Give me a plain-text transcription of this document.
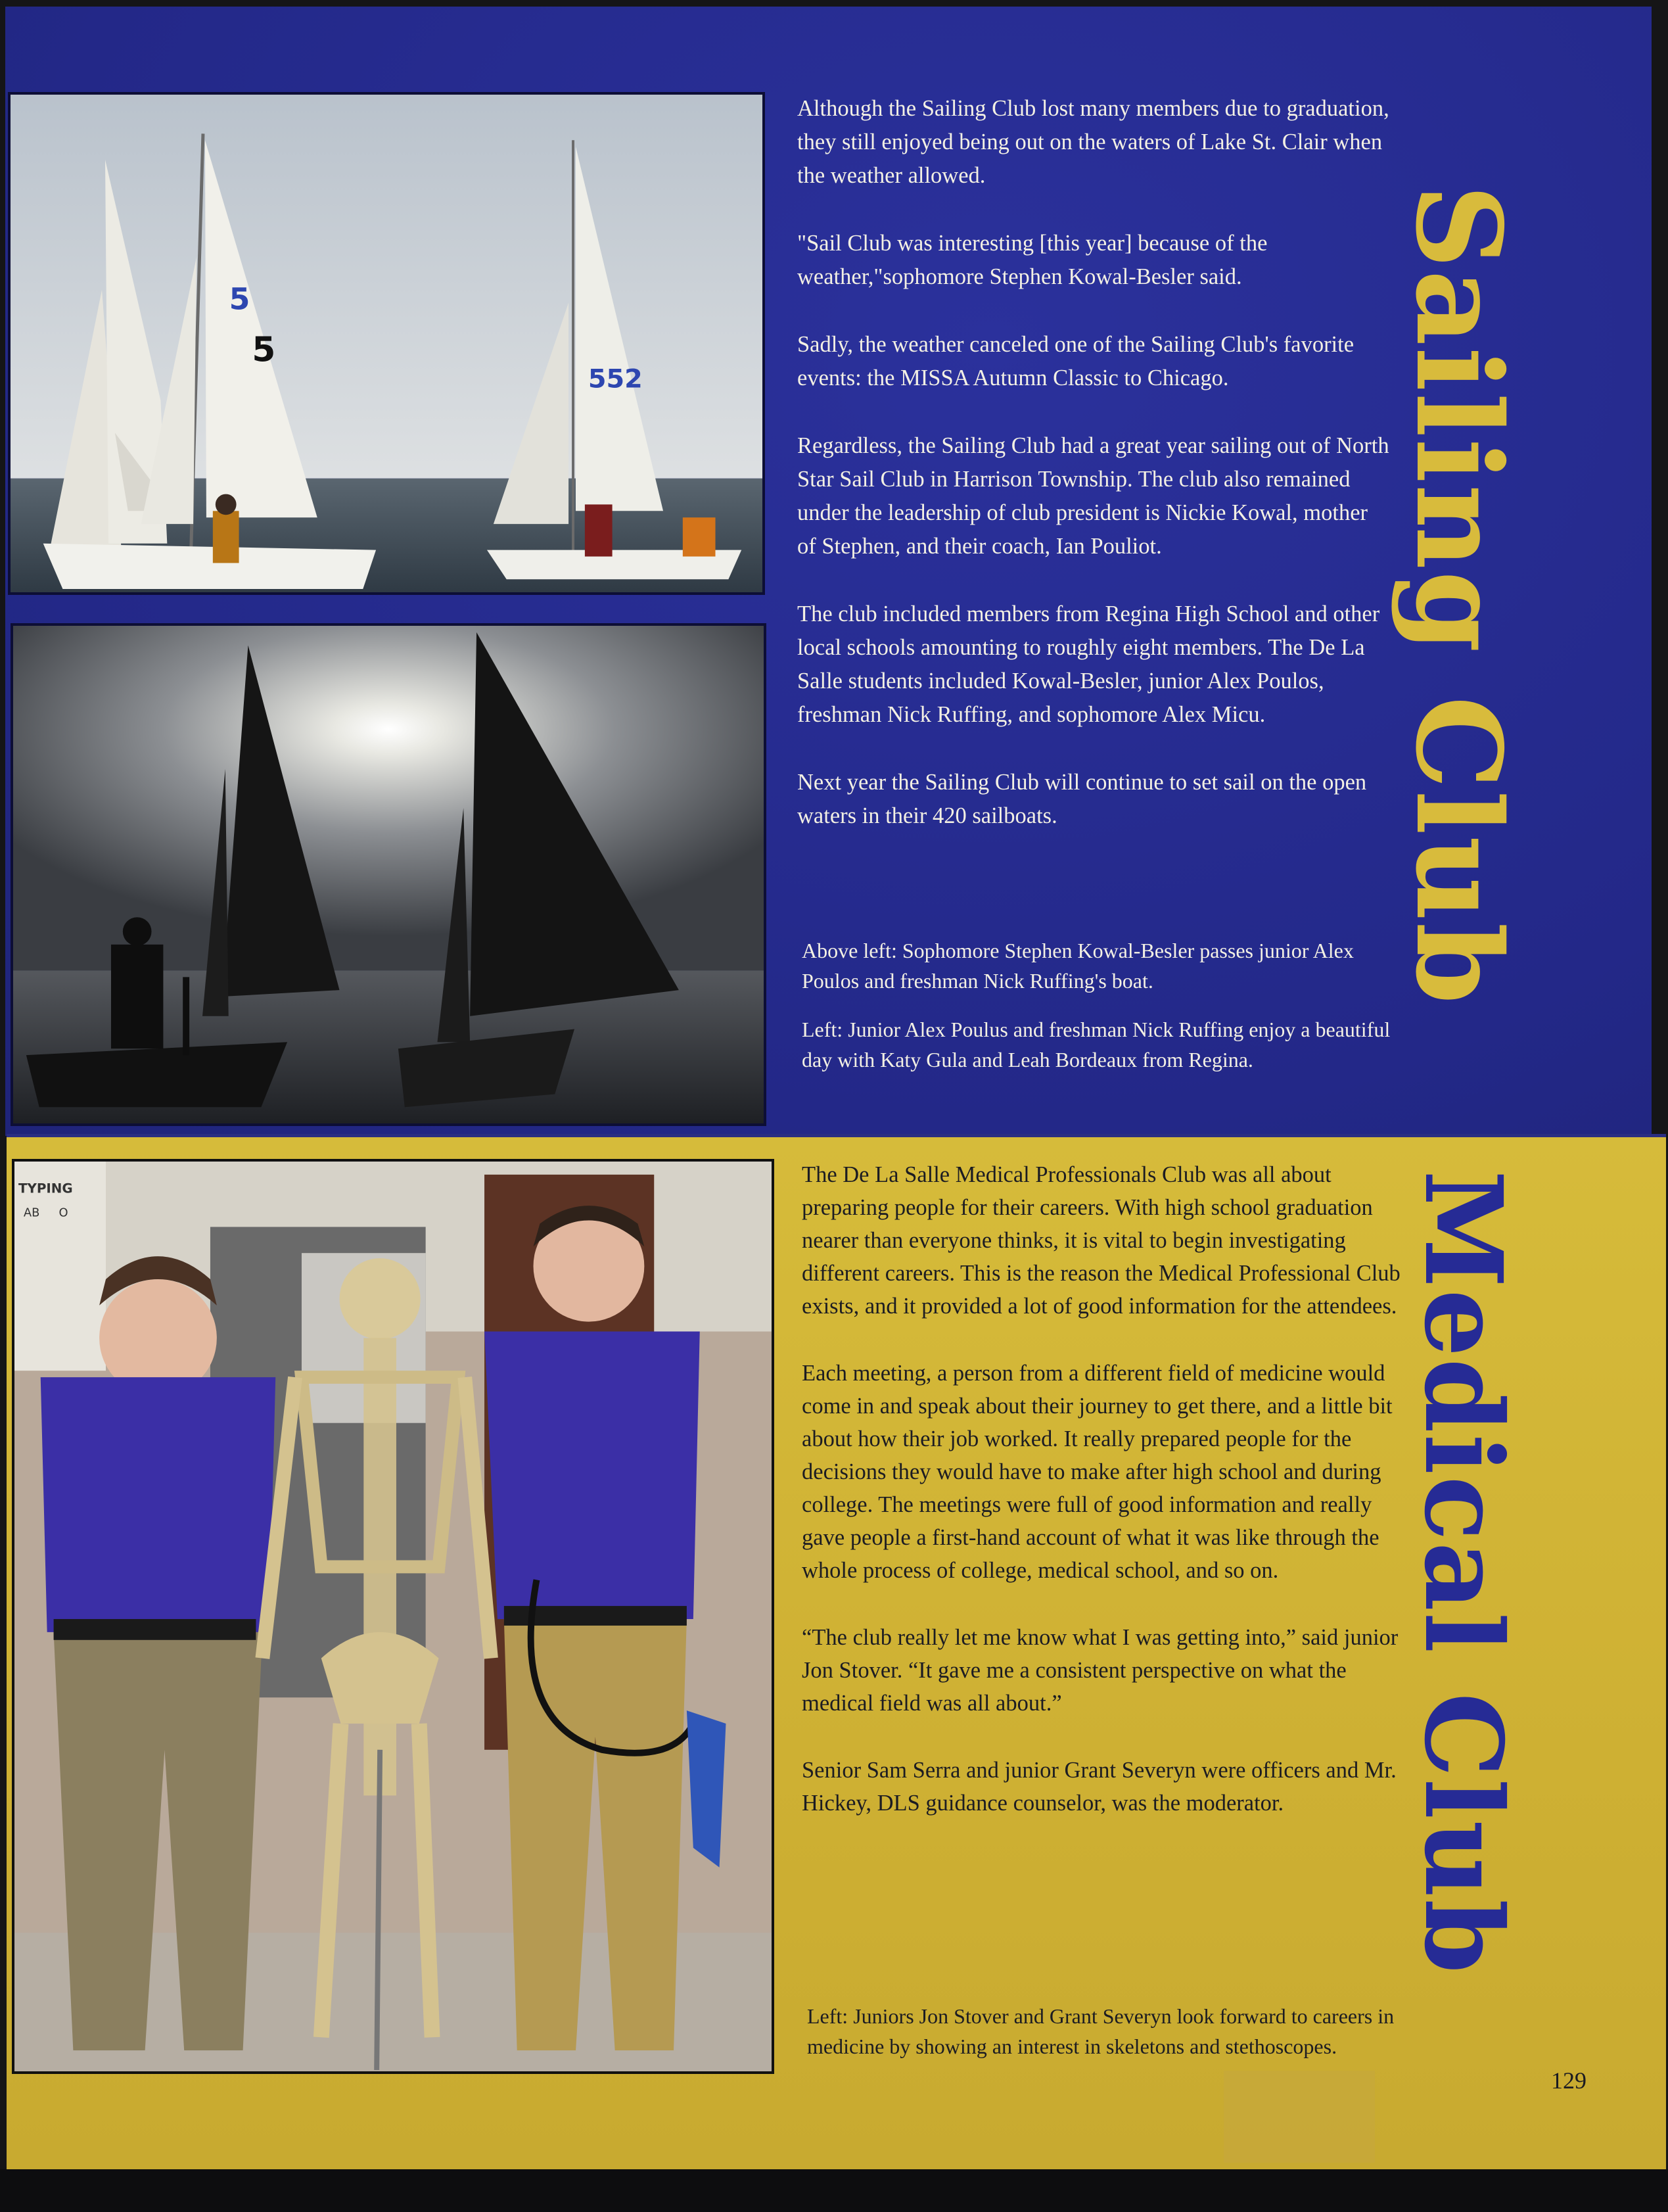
5
5
552

Although the Sailing Club lost many members due to graduation, they still enjoyed being out on the waters of Lake St. Clair when the weather allowed.

"Sail Club was interesting [this year] because of the weather,"sophomore Stephen Kowal-Besler said.

Sadly, the weather canceled one of the Sailing Club's favorite events: the MISSA Autumn Classic to Chicago.

Regardless, the Sailing Club had a great year sailing out of North Star Sail Club in Harrison Township. The club also remained under the leadership of club president is Nickie Kowal, mother of Stephen, and their coach, Ian Pouliot.

The club included members from Regina High School and other local schools amounting to roughly eight members. The De La Salle students included Kowal-Besler, junior Alex Poulos, freshman Nick Ruffing, and sophomore Alex Micu.

Next year the Sailing Club will continue to set sail on the open waters in their 420 sailboats.

Above left: Sophomore Stephen Kowal-Besler passes junior Alex Poulos and freshman Nick Ruffing's boat.

Left: Junior Alex Poulus and freshman Nick Ruffing enjoy a beautiful day with Katy Gula and Leah Bordeaux from Regina.

Sailing Club
TYPING
AB O

The De La Salle Medical Professionals Club was all about preparing people for their careers. With high school graduation nearer than everyone thinks, it is vital to begin investigating different careers. This is the reason the Medical Professional Club exists, and it provided a lot of good information for the attendees.

Each meeting, a person from a different field of medicine would come in and speak about their journey to get there, and a little bit about how their job worked. It really prepared people for the decisions they would have to make after high school and during college. The meetings were full of good information and really gave people a first-hand account of what it was like through the whole process of college, medical school, and so on.

“The club really let me know what I was getting into,” said junior Jon Stover. “It gave me a consistent perspective on what the medical field was all about.”

Senior Sam Serra and junior Grant Severyn were officers and Mr. Hickey, DLS guidance counselor, was the moderator.

Left: Juniors Jon Stover and Grant Severyn look forward to careers in medicine by showing an interest in skeletons and stethoscopes.

Medical Club
129
